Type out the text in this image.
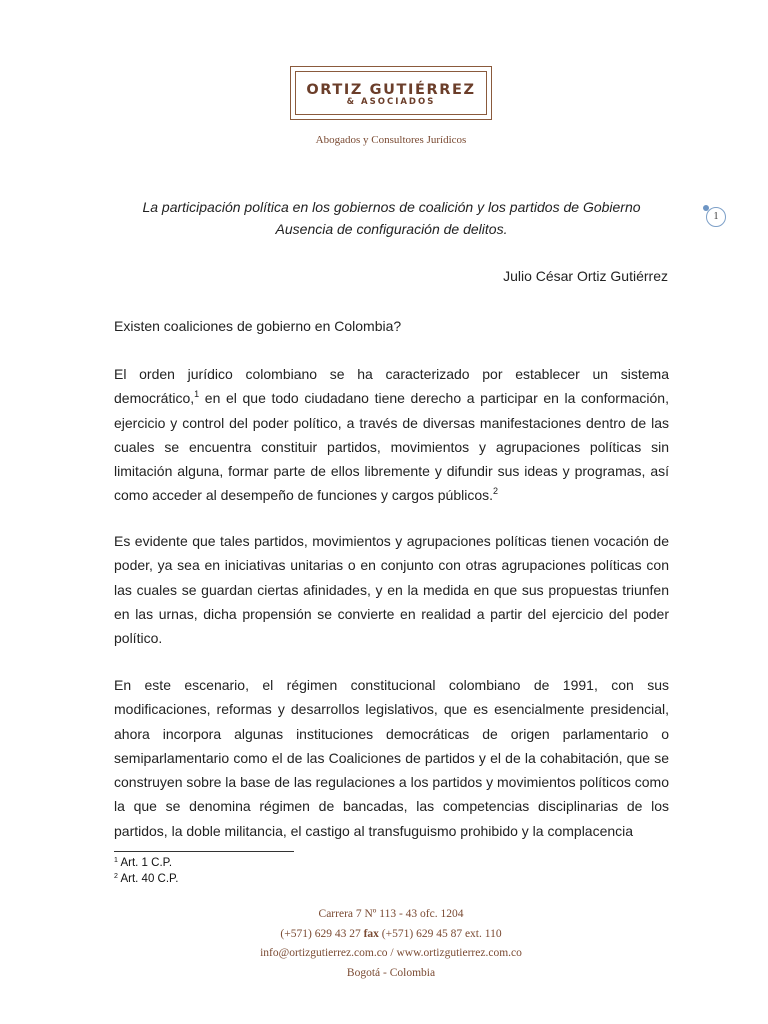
ORTIZ GUTIÉRREZ
& ASOCIADOS
Abogados y Consultores Jurídicos
1
La participación política en los gobiernos de coalición y los partidos de Gobierno
Ausencia de configuración de delitos.
Julio César Ortiz Gutiérrez
Existen coaliciones de gobierno en Colombia?
El orden jurídico colombiano se ha caracterizado por establecer un sistema democrático,$^1$ en el que todo ciudadano tiene derecho a participar en la conformación, ejercicio y control del poder político, a través de diversas manifestaciones dentro de las cuales se encuentra constituir partidos, movimientos y agrupaciones políticas sin limitación alguna, formar parte de ellos libremente y difundir sus ideas y programas, así como acceder al desempeño de funciones y cargos públicos.$^2$
Es evidente que tales partidos, movimientos y agrupaciones políticas tienen vocación de poder, ya sea en iniciativas unitarias o en conjunto con otras agrupaciones políticas con las cuales se guardan ciertas afinidades, y en la medida en que sus propuestas triunfen en las urnas, dicha propensión se convierte en realidad a partir del ejercicio del poder político.
En este escenario, el régimen constitucional colombiano de 1991, con sus modificaciones, reformas y desarrollos legislativos, que es esencialmente presidencial, ahora incorpora algunas instituciones democráticas de origen parlamentario o semiparlamentario como el de las Coaliciones de partidos y el de la cohabitación, que se construyen sobre la base de las regulaciones a los partidos y movimientos políticos como la que se denomina régimen de bancadas, las competencias disciplinarias de los partidos, la doble militancia, el castigo al transfuguismo prohibido y la complacencia
$^1$ Art. 1 C.P.
$^2$ Art. 40 C.P.
Carrera 7 Nº 113 - 43 ofc. 1204
(+571) 629 43 27 fax (+571) 629 45 87 ext. 110
info@ortizgutierrez.com.co / www.ortizgutierrez.com.co
Bogotá - Colombia
